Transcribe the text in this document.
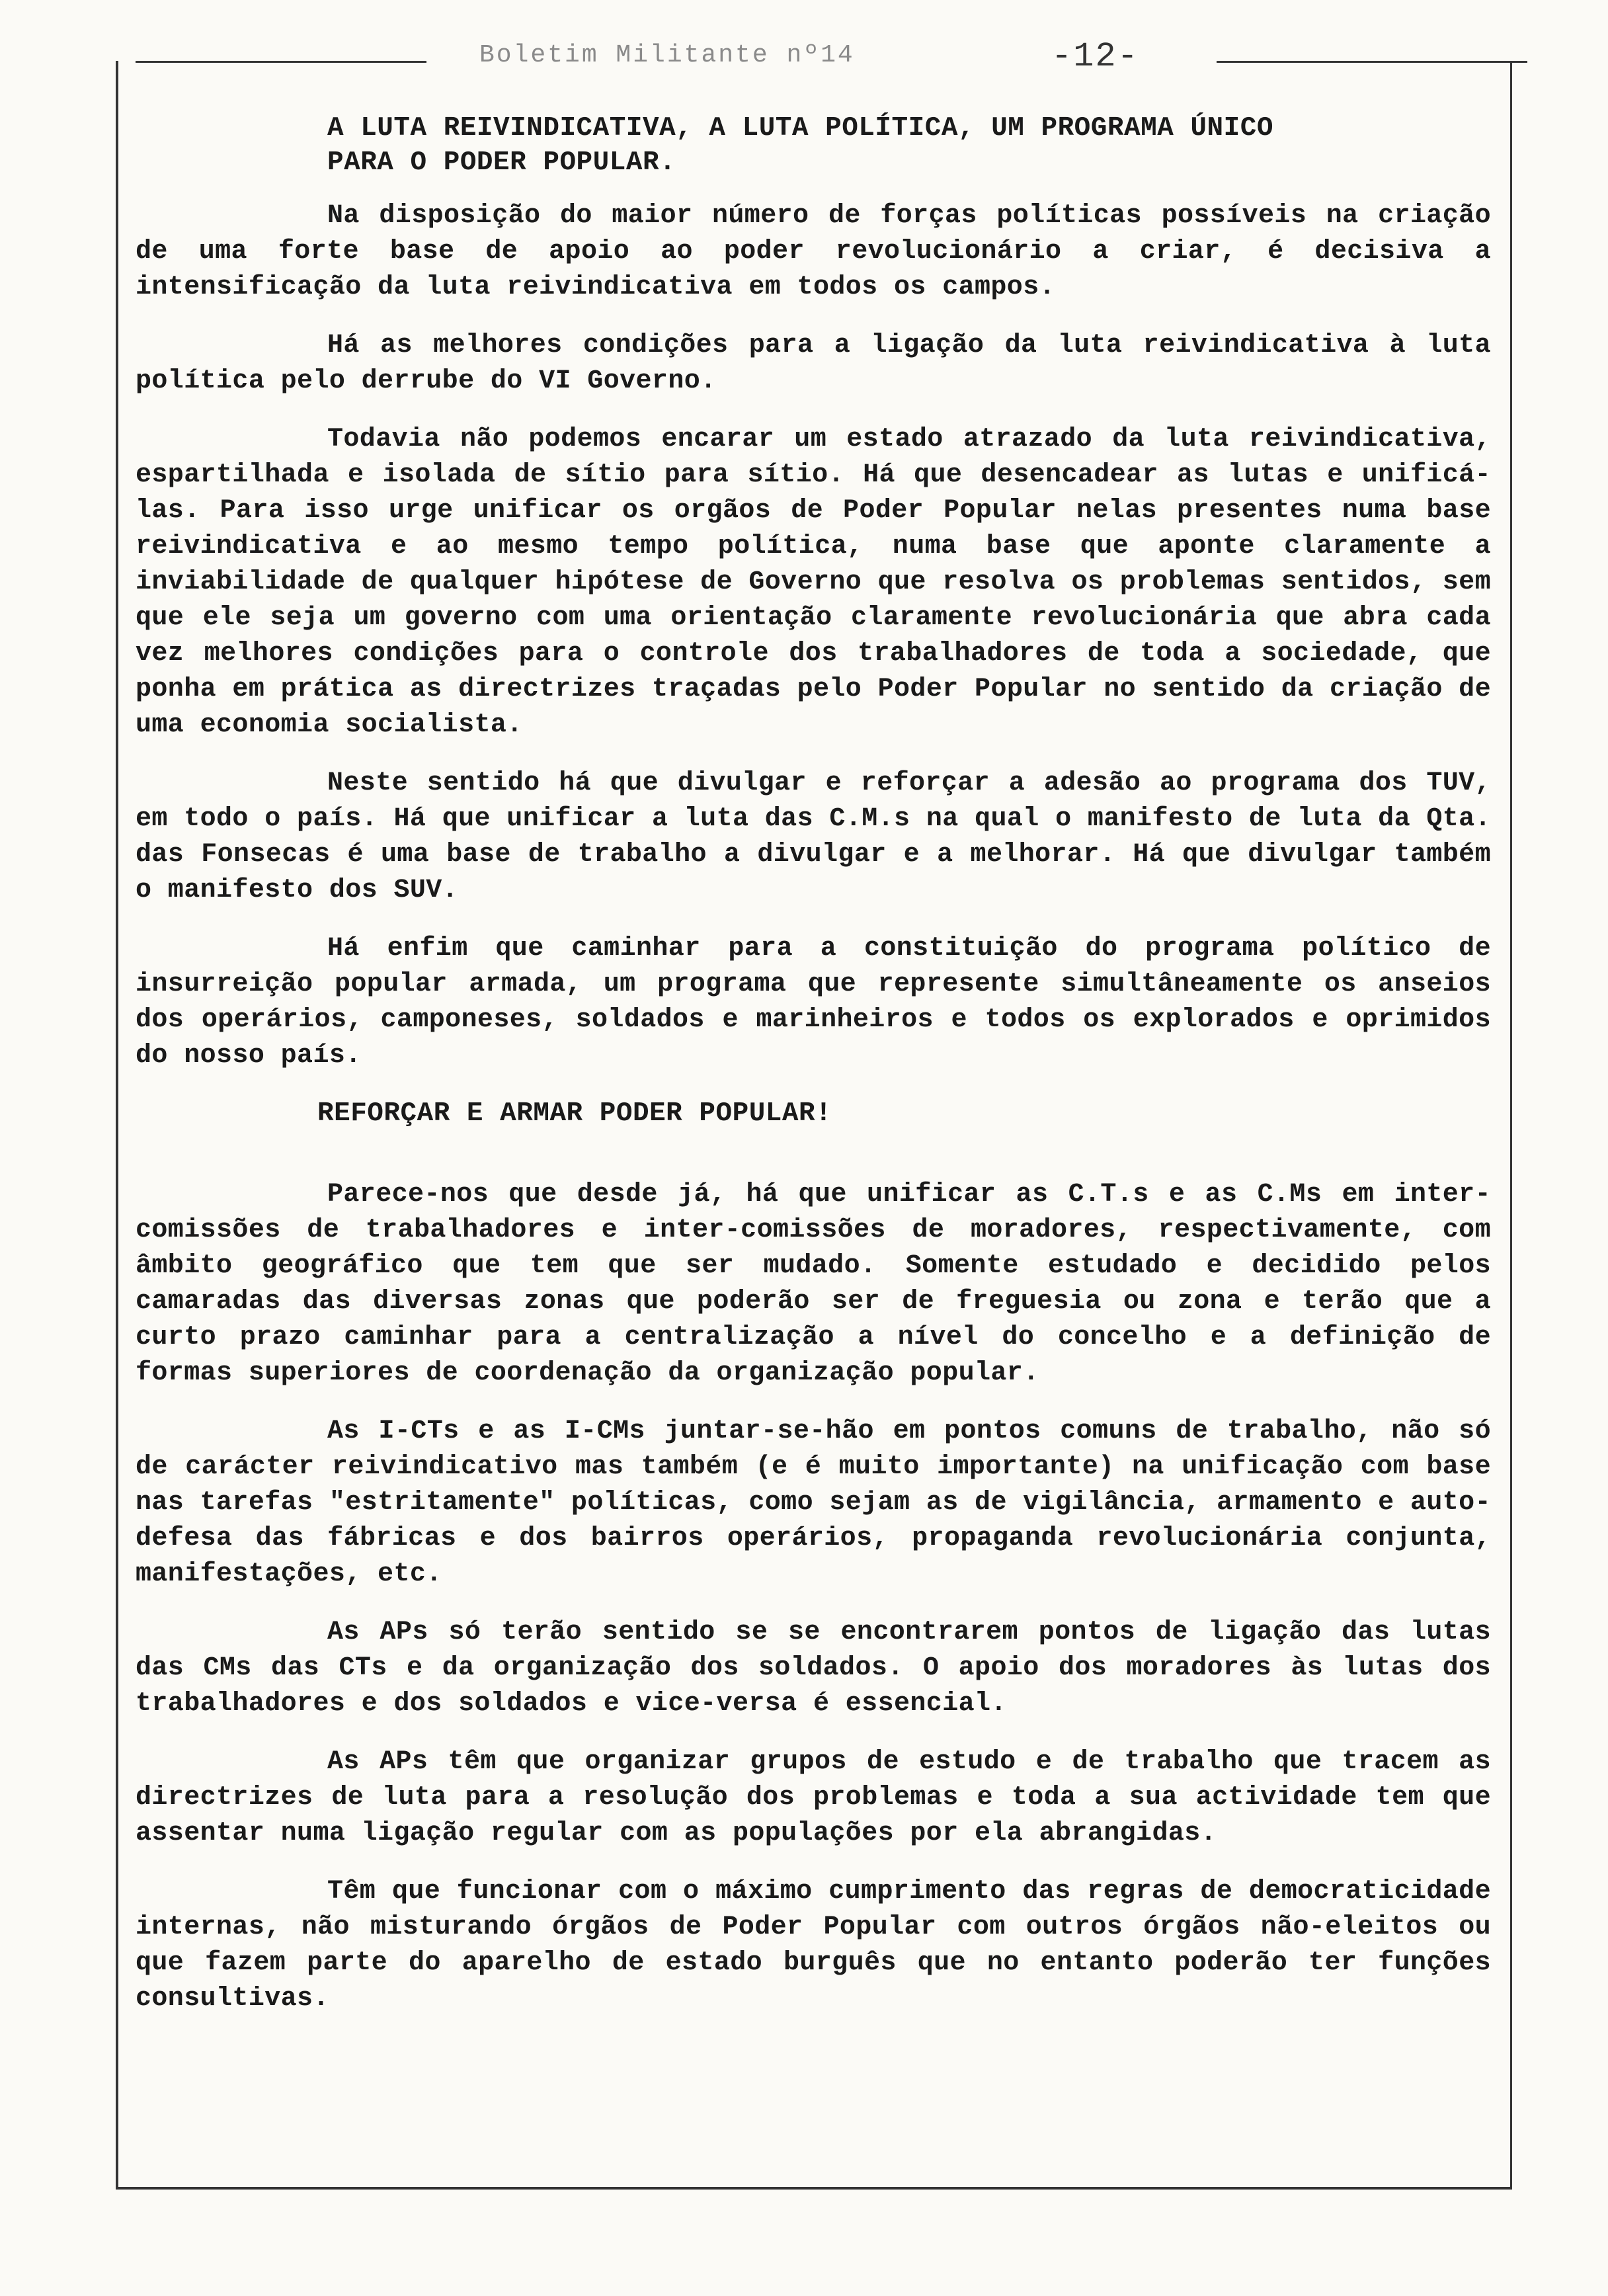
Boletim Militante nº14	-12-
A LUTA REIVINDICATIVA, A LUTA POLÍTICA, UM PROGRAMA ÚNICO
PARA O PODER POPULAR.

Na disposição do maior número de forças políticas possíveis na criação de uma forte base de apoio ao poder revolucionário a criar, é decisiva a intensificação da luta reivindicativa em todos os campos.

Há as melhores condições para a ligação da luta reivindicativa à luta política pelo derrube do VI Governo.

Todavia não podemos encarar um estado atrazado da luta reivindicativa, espartilhada e isolada de sítio para sítio. Há que desencadear as lutas e unificá-las. Para isso urge unificar os orgãos de Poder Popular nelas presentes numa base reivindicativa e ao mesmo tempo política, numa base que aponte claramente a inviabilidade de qualquer hipótese de Governo que resolva os problemas sentidos, sem que ele seja um governo com uma orientação claramente revolucionária que abra cada vez melhores condições para o controle dos trabalhadores de toda a sociedade, que ponha em prática as directrizes traçadas pelo Poder Popular no sentido da criação de uma economia socialista.

Neste sentido há que divulgar e reforçar a adesão ao programa dos TUV, em todo o país. Há que unificar a luta das C.M.s na qual o manifesto de luta da Qta. das Fonsecas é uma base de trabalho a divulgar e a melhorar. Há que divulgar também o manifesto dos SUV.

Há enfim que caminhar para a constituição do programa político de insurreição popular armada, um programa que represente simultâneamente os anseios dos operários, camponeses, soldados e marinheiros e todos os explorados e oprimidos do nosso país.

REFORÇAR E ARMAR PODER POPULAR!

Parece-nos que desde já, há que unificar as C.T.s e as C.Ms em inter-comissões de trabalhadores e inter-comissões de moradores, respectivamente, com âmbito geográfico que tem que ser mudado. Somente estudado e decidido pelos camaradas das diversas zonas que poderão ser de freguesia ou zona e terão que a curto prazo caminhar para a centralização a nível do concelho e a definição de formas superiores de coordenação da organização popular.

As I-CTs e as I-CMs juntar-se-hão em pontos comuns de trabalho, não só de carácter reivindicativo mas também (e é muito importante) na unificação com base nas tarefas "estritamente" políticas, como sejam as de vigilância, armamento e auto-defesa das fábricas e dos bairros operários, propaganda revolucionária conjunta, manifestações, etc.

As APs só terão sentido se se encontrarem pontos de ligação das lutas das CMs das CTs e da organização dos soldados. O apoio dos moradores às lutas dos trabalhadores e dos soldados e vice-versa é essencial.

As APs têm que organizar grupos de estudo e de trabalho que tracem as directrizes de luta para a resolução dos problemas e toda a sua actividade tem que assentar numa ligação regular com as populações por ela abrangidas.

Têm que funcionar com o máximo cumprimento das regras de democraticidade internas, não misturando órgãos de Poder Popular com outros órgãos não-eleitos ou que fazem parte do aparelho de estado burguês que no entanto poderão ter funções consultivas.
